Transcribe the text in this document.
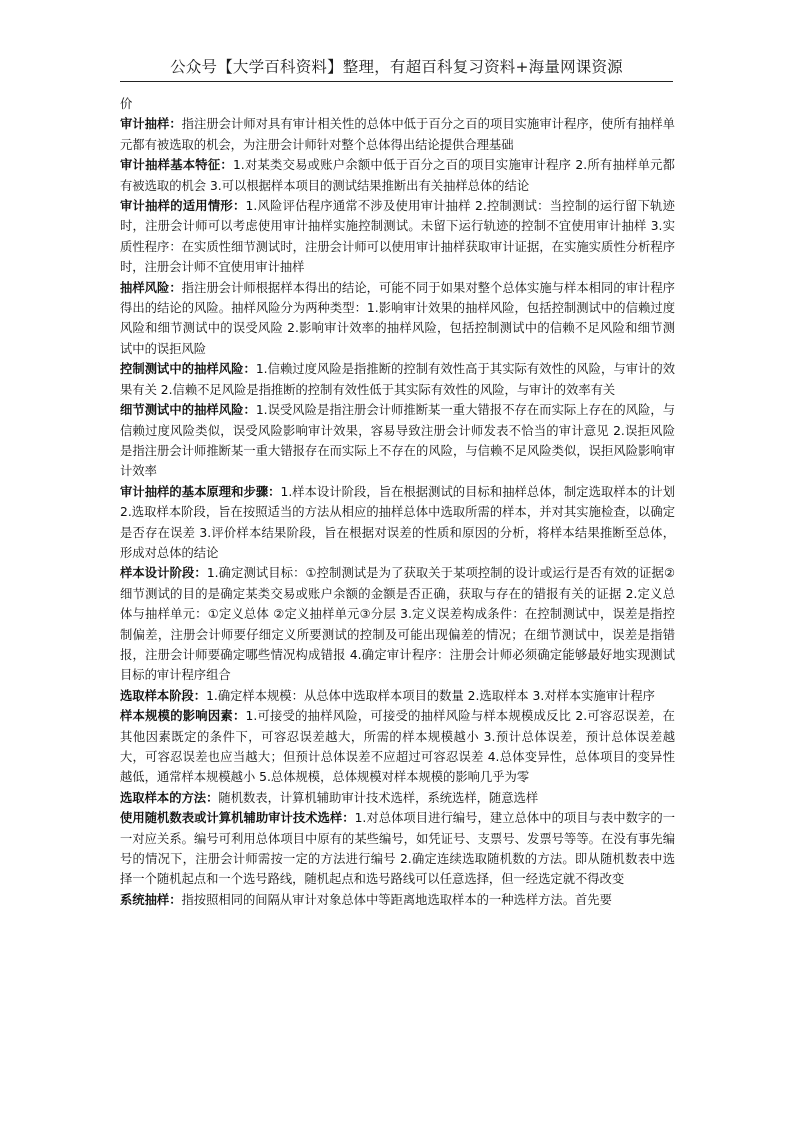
公众号【大学百科资料】整理，有超百科复习资料+海量网课资源

价

审计抽样：指注册会计师对具有审计相关性的总体中低于百分之百的项目实施审计程序，使所有抽样单元都有被选取的机会，为注册会计师针对整个总体得出结论提供合理基础

审计抽样基本特征：1.对某类交易或账户余额中低于百分之百的项目实施审计程序 2.所有抽样单元都有被选取的机会 3.可以根据样本项目的测试结果推断出有关抽样总体的结论

审计抽样的适用情形：1.风险评估程序通常不涉及使用审计抽样 2.控制测试：当控制的运行留下轨迹时，注册会计师可以考虑使用审计抽样实施控制测试。未留下运行轨迹的控制不宜使用审计抽样 3.实质性程序：在实质性细节测试时，注册会计师可以使用审计抽样获取审计证据，在实施实质性分析程序时，注册会计师不宜使用审计抽样

抽样风险：指注册会计师根据样本得出的结论，可能不同于如果对整个总体实施与样本相同的审计程序得出的结论的风险。抽样风险分为两种类型：1.影响审计效果的抽样风险，包括控制测试中的信赖过度风险和细节测试中的误受风险 2.影响审计效率的抽样风险，包括控制测试中的信赖不足风险和细节测试中的误拒风险

控制测试中的抽样风险：1.信赖过度风险是指推断的控制有效性高于其实际有效性的风险，与审计的效果有关 2.信赖不足风险是指推断的控制有效性低于其实际有效性的风险，与审计的效率有关

细节测试中的抽样风险：1.误受风险是指注册会计师推断某一重大错报不存在而实际上存在的风险，与信赖过度风险类似，误受风险影响审计效果，容易导致注册会计师发表不恰当的审计意见 2.误拒风险是指注册会计师推断某一重大错报存在而实际上不存在的风险，与信赖不足风险类似，误拒风险影响审计效率

审计抽样的基本原理和步骤：1.样本设计阶段，旨在根据测试的目标和抽样总体，制定选取样本的计划 2.选取样本阶段，旨在按照适当的方法从相应的抽样总体中选取所需的样本，并对其实施检查，以确定是否存在误差 3.评价样本结果阶段，旨在根据对误差的性质和原因的分析，将样本结果推断至总体，形成对总体的结论

样本设计阶段：1.确定测试目标：①控制测试是为了获取关于某项控制的设计或运行是否有效的证据②细节测试的目的是确定某类交易或账户余额的金额是否正确，获取与存在的错报有关的证据 2.定义总体与抽样单元：①定义总体 ②定义抽样单元③分层 3.定义误差构成条件：在控制测试中，误差是指控制偏差，注册会计师要仔细定义所要测试的控制及可能出现偏差的情况；在细节测试中，误差是指错报，注册会计师要确定哪些情况构成错报 4.确定审计程序：注册会计师必须确定能够最好地实现测试目标的审计程序组合

选取样本阶段：1.确定样本规模：从总体中选取样本项目的数量 2.选取样本 3.对样本实施审计程序

样本规模的影响因素：1.可接受的抽样风险，可接受的抽样风险与样本规模成反比 2.可容忍误差，在其他因素既定的条件下，可容忍误差越大，所需的样本规模越小 3.预计总体误差，预计总体误差越大，可容忍误差也应当越大；但预计总体误差不应超过可容忍误差 4.总体变异性，总体项目的变异性越低，通常样本规模越小 5.总体规模，总体规模对样本规模的影响几乎为零

选取样本的方法：随机数表，计算机辅助审计技术选样，系统选样，随意选样

使用随机数表或计算机辅助审计技术选样：1.对总体项目进行编号，建立总体中的项目与表中数字的一一对应关系。编号可利用总体项目中原有的某些编号，如凭证号、支票号、发票号等等。在没有事先编号的情况下，注册会计师需按一定的方法进行编号 2.确定连续选取随机数的方法。即从随机数表中选择一个随机起点和一个选号路线，随机起点和选号路线可以任意选择，但一经选定就不得改变

系统抽样：指按照相同的间隔从审计对象总体中等距离地选取样本的一种选样方法。首先要
